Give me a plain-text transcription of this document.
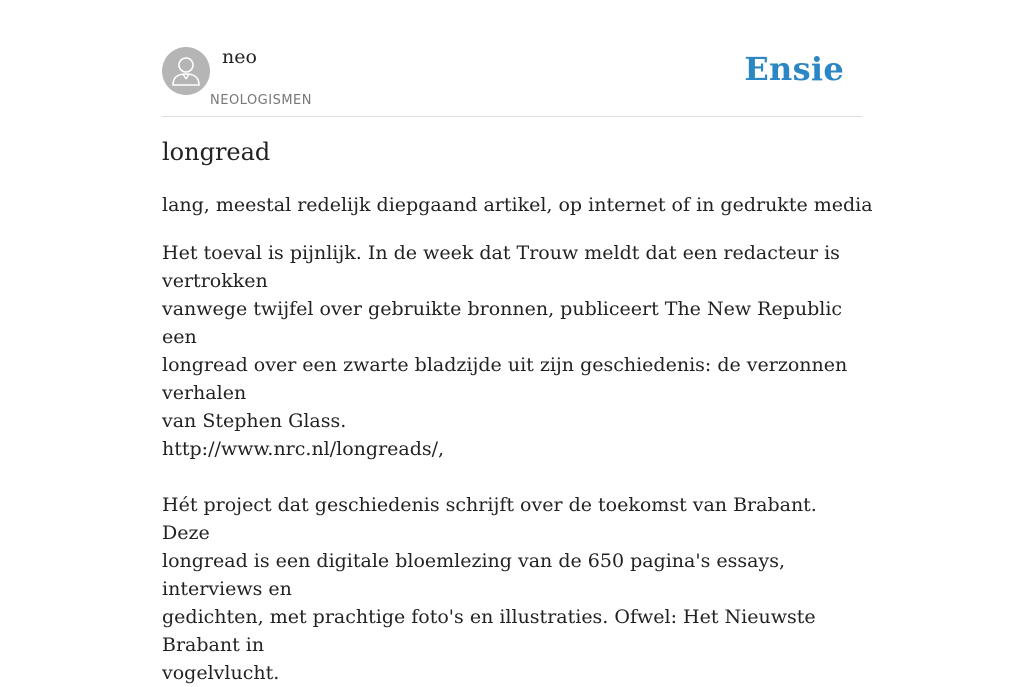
neo
NEOLOGISMEN
Ensie
longread
lang, meestal redelijk diepgaand artikel, op internet of in gedrukte media

Het toeval is pijnlijk. In de week dat Trouw meldt dat een redacteur is vertrokken

vanwege twijfel over gebruikte bronnen, publiceert The New Republic een

longread over een zwarte bladzijde uit zijn geschiedenis: de verzonnen verhalen

van Stephen Glass.

http://www.nrc.nl/longreads/,

Hét project dat geschiedenis schrijft over de toekomst van Brabant. Deze

longread is een digitale bloemlezing van de 650 pagina's essays, interviews en

gedichten, met prachtige foto's en illustraties. Ofwel: Het Nieuwste Brabant in

vogelvlucht.
